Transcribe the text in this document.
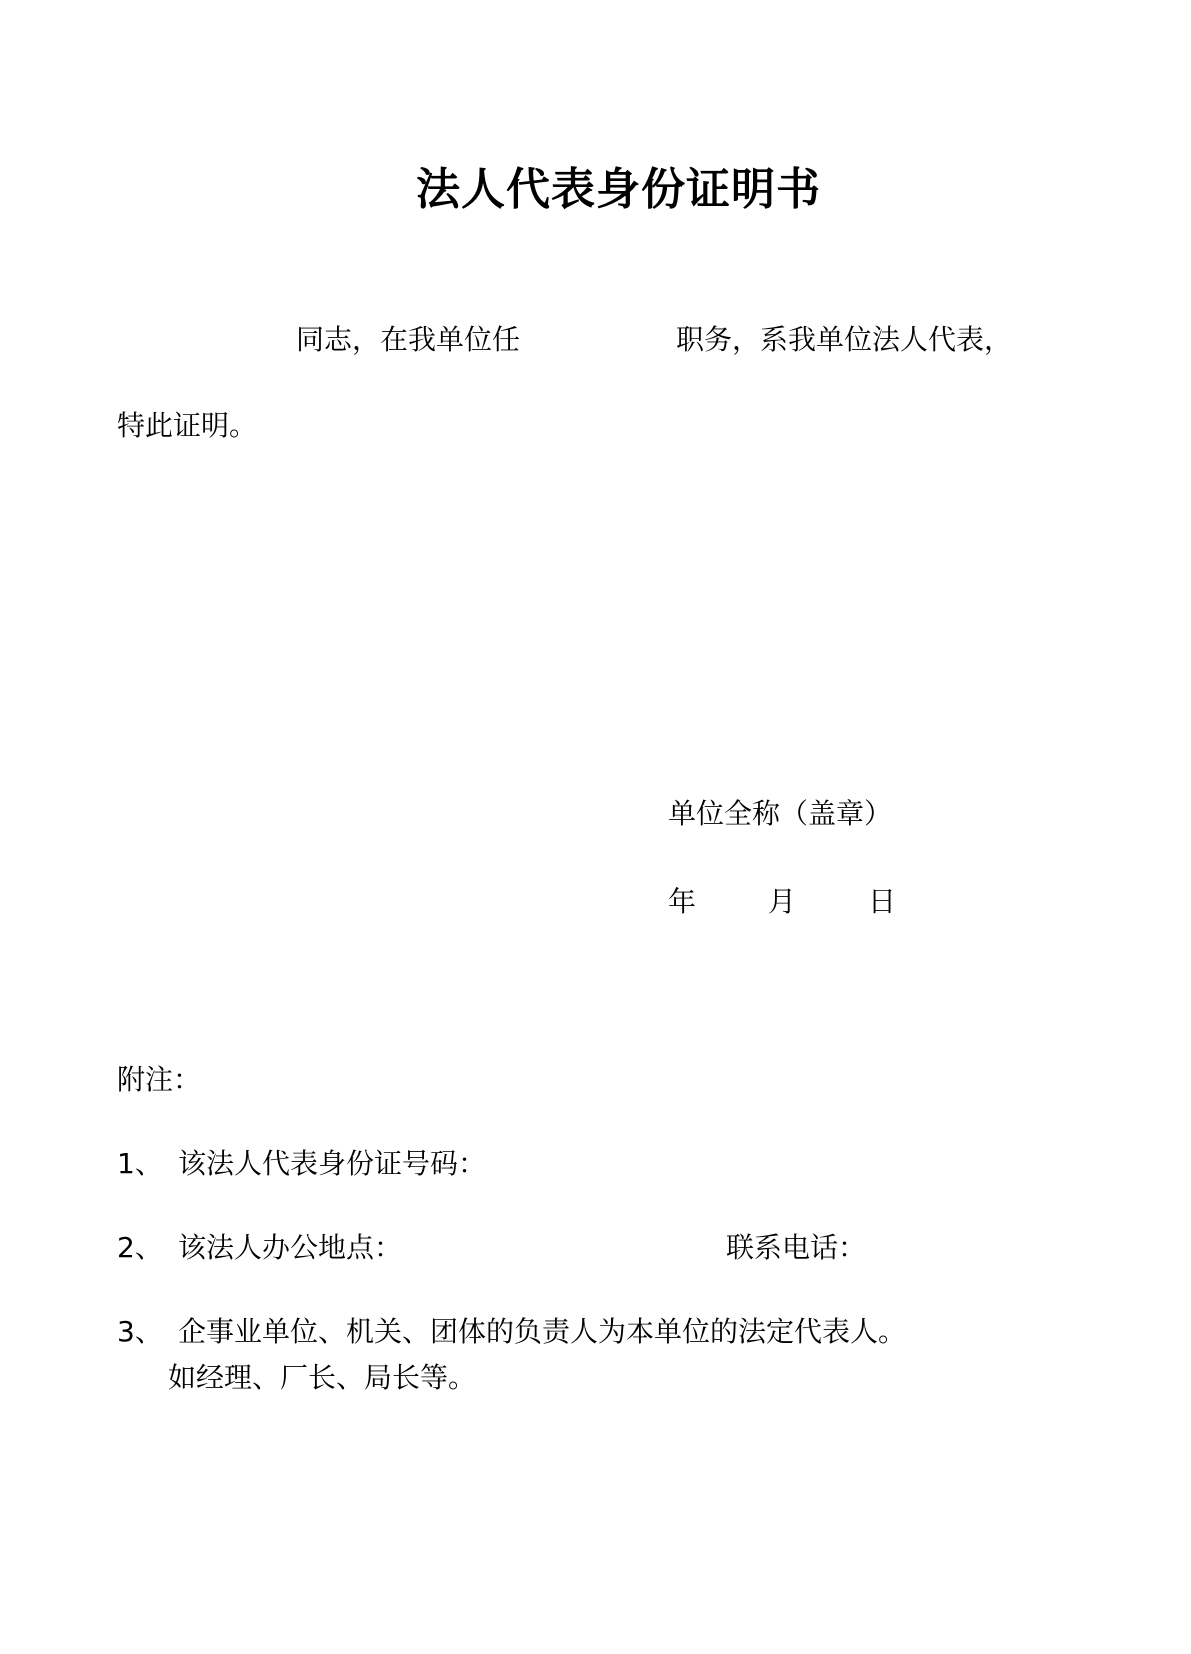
法人代表身份证明书
同志，在我单位任	职务，系我单位法人代表，
特此证明。
单位全称（盖章）
年	月	日
附注：
1、 该法人代表身份证号码：
2、 该法人办公地点：	联系电话：
3、 企事业单位、机关、团体的负责人为本单位的法定代表人。
如经理、厂长、局长等。
